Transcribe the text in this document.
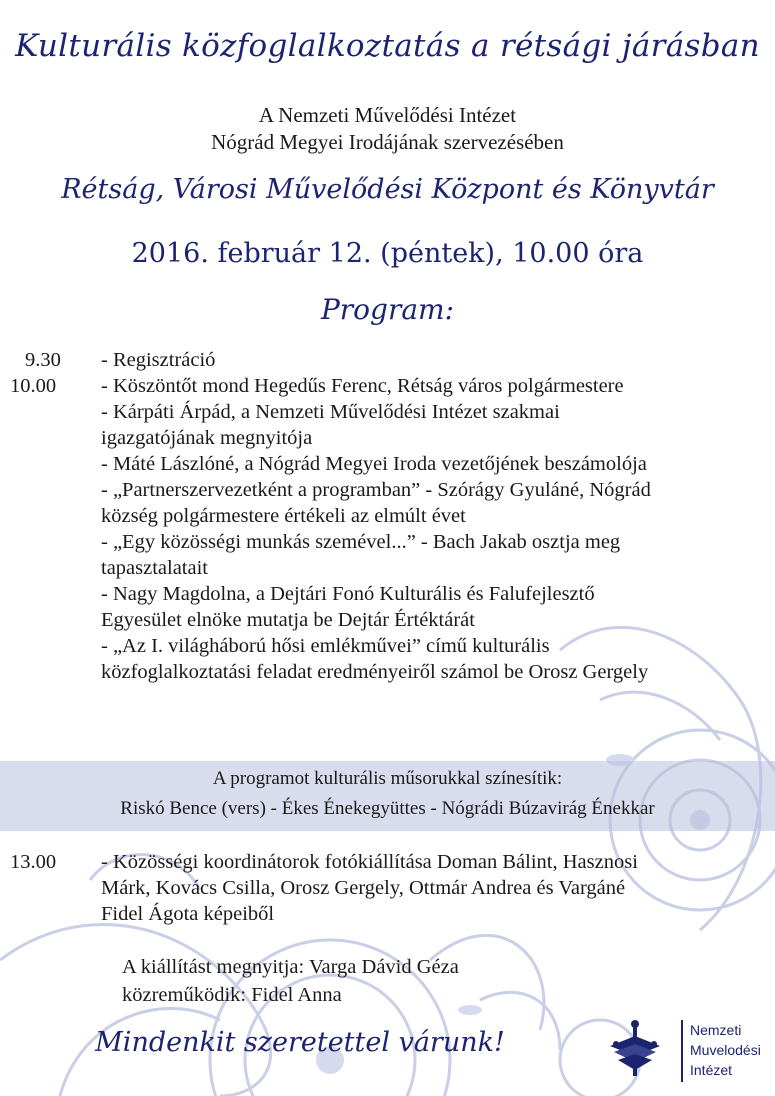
Kulturális közfoglalkoztatás a rétsági járásban
A Nemzeti Művelődési Intézet
Nógrád Megyei Irodájának szervezésében
Rétság, Városi Művelődési Központ és Könyvtár
2016. február 12. (péntek), 10.00 óra
Program:
9.30	- Regisztráció
10.00	- Köszöntőt mond Hegedűs Ferenc, Rétság város polgármestere
- Kárpáti Árpád, a Nemzeti Művelődési Intézet szakmai
igazgatójának megnyitója
- Máté Lászlóné, a Nógrád Megyei Iroda vezetőjének beszámolója
- „Partnerszervezetként a programban” - Szórágy Gyuláné, Nógrád
község polgármestere értékeli az elmúlt évet
- „Egy közösségi munkás szemével...” - Bach Jakab osztja meg
tapasztalatait
- Nagy Magdolna, a Dejtári Fonó Kulturális és Falufejlesztő
Egyesület elnöke mutatja be Dejtár Értéktárát
- „Az I. világháború hősi emlékművei” című kulturális
közfoglalkoztatási feladat eredményeiről számol be Orosz Gergely
A programot kulturális műsorukkal színesítik:
Riskó Bence (vers) - Ékes Énekegyüttes - Nógrádi Búzavirág Énekkar
13.00	- Közösségi koordinátorok fotókiállítása Doman Bálint, Hasznosi
Márk, Kovács Csilla, Orosz Gergely, Ottmár Andrea és Vargáné
Fidel Ágota képeiből
A kiállítást megnyitja: Varga Dávid Géza
közreműködik: Fidel Anna
Mindenkit szeretettel várunk!	Nemzeti
Muvelodési
Intézet
